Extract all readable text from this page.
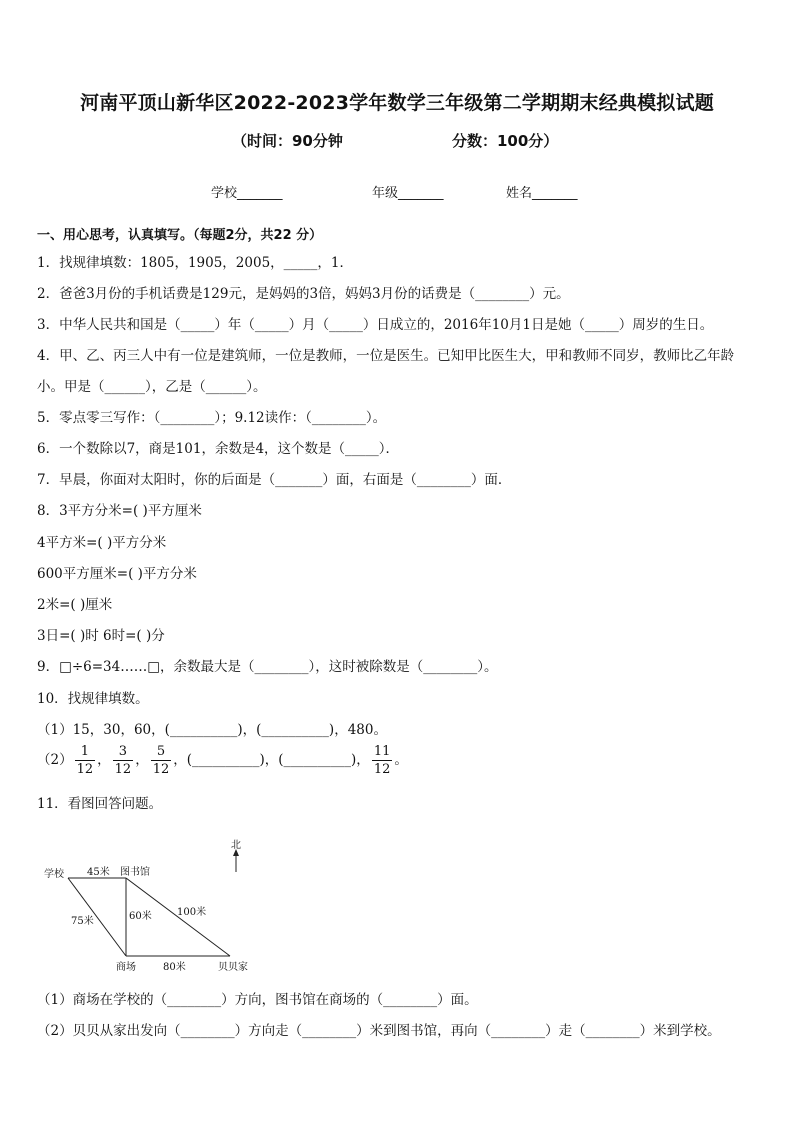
河南平顶山新华区2022-2023学年数学三年级第二学期期末经典模拟试题
（时间：90分钟	分数：100分）
学校_______	年级_______	姓名_______
一、用心思考，认真填写。（每题2分，共22 分）
1．找规律填数：1805，1905，2005，_____，1．
2．爸爸3月份的手机话费是129元，是妈妈的3倍，妈妈3月份的话费是（________）元。
3．中华人民共和国是（_____）年（_____）月（_____）日成立的，2016年10月1日是她（_____）周岁的生日。
4．甲、乙、丙三人中有一位是建筑师，一位是教师，一位是医生。已知甲比医生大，甲和教师不同岁，教师比乙年龄
小。甲是（______），乙是（______）。
5．零点零三写作：（________）；9.12读作：（________）。
6．一个数除以7，商是101，余数是4，这个数是（_____）．
7．早晨，你面对太阳时，你的后面是（_______）面，右面是（________）面．
8．3平方分米=( )平方厘米
4平方米=( )平方分米
600平方厘米=( )平方分米
2米=( )厘米
3日=( )时 6时=( )分
9．□÷6=34……□，余数最大是（________），这时被除数是（________）。
10．找规律填数。
（1）15，30，60，(__________)，(__________)，480。
$(2) \frac{1}{12}$ ， $\frac{3}{12}$ ， $\frac{5}{12}$ ，(__________)，(__________)， $\frac{11}{12}$ 。
11．看图回答问题。
北
学校	图书馆
商场	贝贝家
45米
75米	60米	100米
80米
（1）商场在学校的（________）方向，图书馆在商场的（________）面。
（2）贝贝从家出发向（________）方向走（________）米到图书馆，再向（________）走（________）米到学校。
